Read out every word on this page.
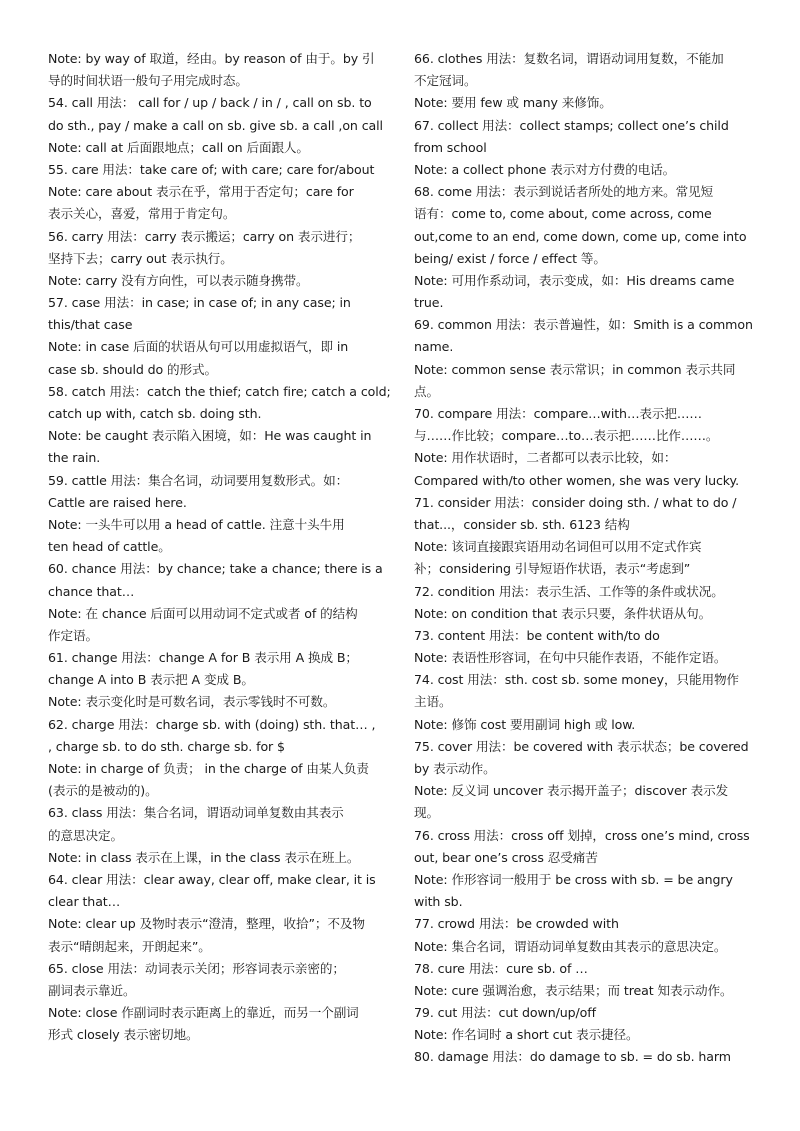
Note: by way of 取道，经由。by reason of 由于。by 引
导的时间状语一般句子用完成时态。
54. call 用法： call for / up / back / in / , call on sb. to
do sth., pay / make a call on sb. give sb. a call ,on call
Note: call at 后面跟地点；call on 后面跟人。
55. care 用法：take care of; with care; care for/about
Note: care about 表示在乎，常用于否定句；care for
表示关心，喜爱，常用于肯定句。
56. carry 用法：carry 表示搬运；carry on 表示进行；
坚持下去；carry out 表示执行。
Note: carry 没有方向性，可以表示随身携带。
57. case 用法：in case; in case of; in any case; in
this/that case
Note: in case 后面的状语从句可以用虚拟语气，即 in
case sb. should do 的形式。
58. catch 用法：catch the thief; catch fire; catch a cold;
catch up with, catch sb. doing sth.
Note: be caught 表示陷入困境，如：He was caught in
the rain.
59. cattle 用法：集合名词，动词要用复数形式。如：
Cattle are raised here.
Note: 一头牛可以用 a head of cattle. 注意十头牛用
ten head of cattle。
60. chance 用法：by chance; take a chance; there is a
chance that…
Note: 在 chance 后面可以用动词不定式或者 of 的结构
作定语。
61. change 用法：change A for B 表示用 A 换成 B；
change A into B 表示把 A 变成 B。
Note: 表示变化时是可数名词，表示零钱时不可数。
62. charge 用法：charge sb. with (doing) sth. that… ,
, charge sb. to do sth. charge sb. for $
Note: in charge of 负责； in the charge of 由某人负责
(表示的是被动的)。
63. class 用法：集合名词，谓语动词单复数由其表示
的意思决定。
Note: in class 表示在上课，in the class 表示在班上。
64. clear 用法：clear away, clear off, make clear, it is
clear that…
Note: clear up 及物时表示“澄清，整理，收拾”；不及物
表示“晴朗起来，开朗起来”。
65. close 用法：动词表示关闭；形容词表示亲密的；
副词表示靠近。
Note: close 作副词时表示距离上的靠近，而另一个副词
形式 closely 表示密切地。
66. clothes 用法：复数名词，谓语动词用复数，不能加
不定冠词。
Note: 要用 few 或 many 来修饰。
67. collect 用法：collect stamps; collect one’s child
from school
Note: a collect phone 表示对方付费的电话。
68. come 用法：表示到说话者所处的地方来。常见短
语有：come to, come about, come across, come
out,come to an end, come down, come up, come into
being/ exist / force / effect 等。
Note: 可用作系动词，表示变成，如：His dreams came
true.
69. common 用法：表示普遍性，如：Smith is a common
name.
Note: common sense 表示常识；in common 表示共同
点。
70. compare 用法：compare…with…表示把……
与……作比较；compare…to…表示把……比作……。
Note: 用作状语时，二者都可以表示比较，如：
Compared with/to other women, she was very lucky.
71. consider 用法：consider doing sth. / what to do /
that...，consider sb. sth. 6123 结构
Note: 该词直接跟宾语用动名词但可以用不定式作宾
补；considering 引导短语作状语，表示“考虑到”
72. condition 用法：表示生活、工作等的条件或状况。
Note: on condition that 表示只要，条件状语从句。
73. content 用法：be content with/to do
Note: 表语性形容词，在句中只能作表语，不能作定语。
74. cost 用法：sth. cost sb. some money，只能用物作
主语。
Note: 修饰 cost 要用副词 high 或 low.
75. cover 用法：be covered with 表示状态；be covered
by 表示动作。
Note: 反义词 uncover 表示揭开盖子；discover 表示发
现。
76. cross 用法：cross off 划掉，cross one’s mind, cross
out, bear one’s cross 忍受痛苦
Note: 作形容词一般用于 be cross with sb. = be angry
with sb.
77. crowd 用法：be crowded with
Note: 集合名词，谓语动词单复数由其表示的意思决定。
78. cure 用法：cure sb. of …
Note: cure 强调治愈，表示结果；而 treat 知表示动作。
79. cut 用法：cut down/up/off
Note: 作名词时 a short cut 表示捷径。
80. damage 用法：do damage to sb. = do sb. harm
